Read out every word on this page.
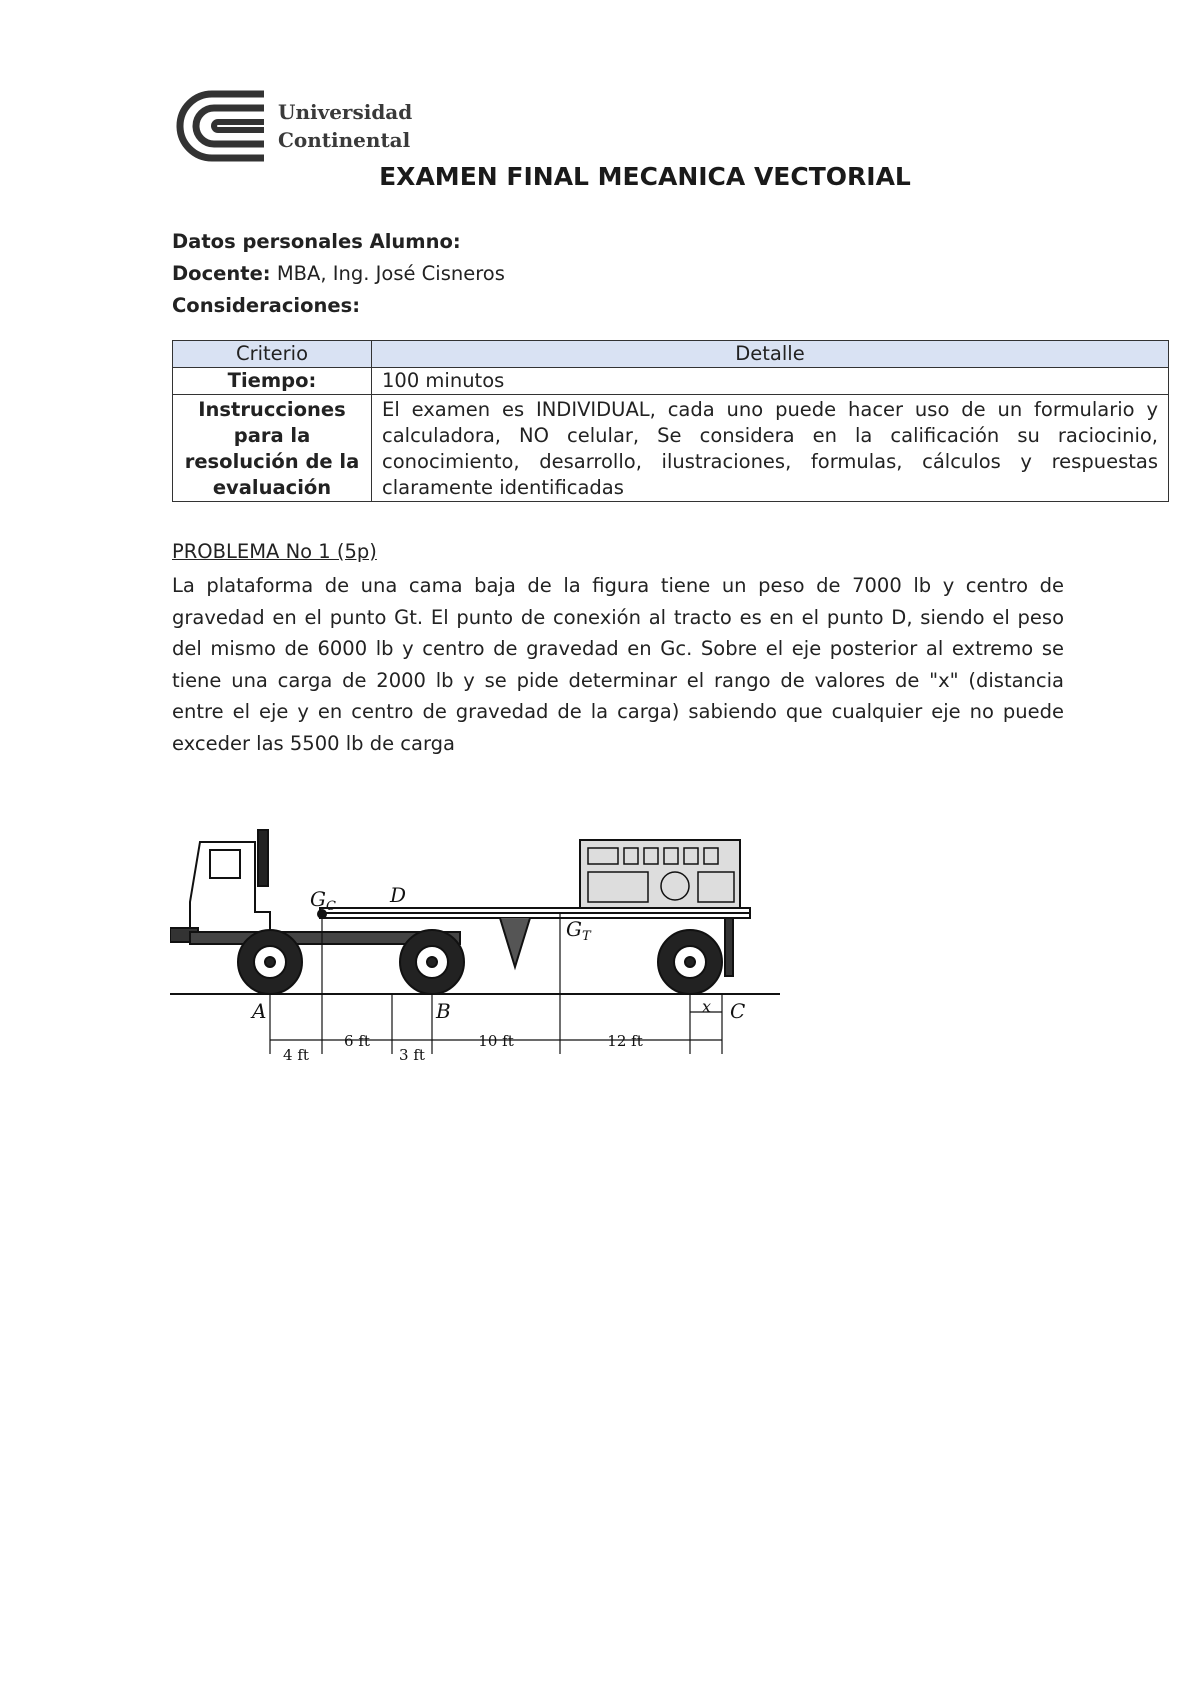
Universidad
Continental
EXAMEN FINAL MECANICA VECTORIAL
Datos personales Alumno:
Docente: MBA, Ing. José Cisneros
Consideraciones:
Criterio	Detalle
Tiempo:	100 minutos
Instrucciones para la resolución de la evaluación	El examen es INDIVIDUAL, cada uno puede hacer uso de un formulario y calculadora, NO celular, Se considera en la calificación su raciocinio, conocimiento, desarrollo, ilustraciones, formulas, cálculos y respuestas claramente identificadas
PROBLEMA No 1 (5p)
La plataforma de una cama baja de la figura tiene un peso de 7000 lb y centro de gravedad en el punto Gt. El punto de conexión al tracto es en el punto D, siendo el peso del mismo de 6000 lb y centro de gravedad en Gc. Sobre el eje posterior al extremo se tiene una carga de 2000 lb y se pide determinar el rango de valores de "x" (distancia entre el eje y en centro de gravedad de la carga) sabiendo que cualquier eje no puede exceder las 5500 lb de carga
$G_C$	D
$G_T$
A	B	C
x
4 ft
6 ft
3 ft
10 ft	12 ft
